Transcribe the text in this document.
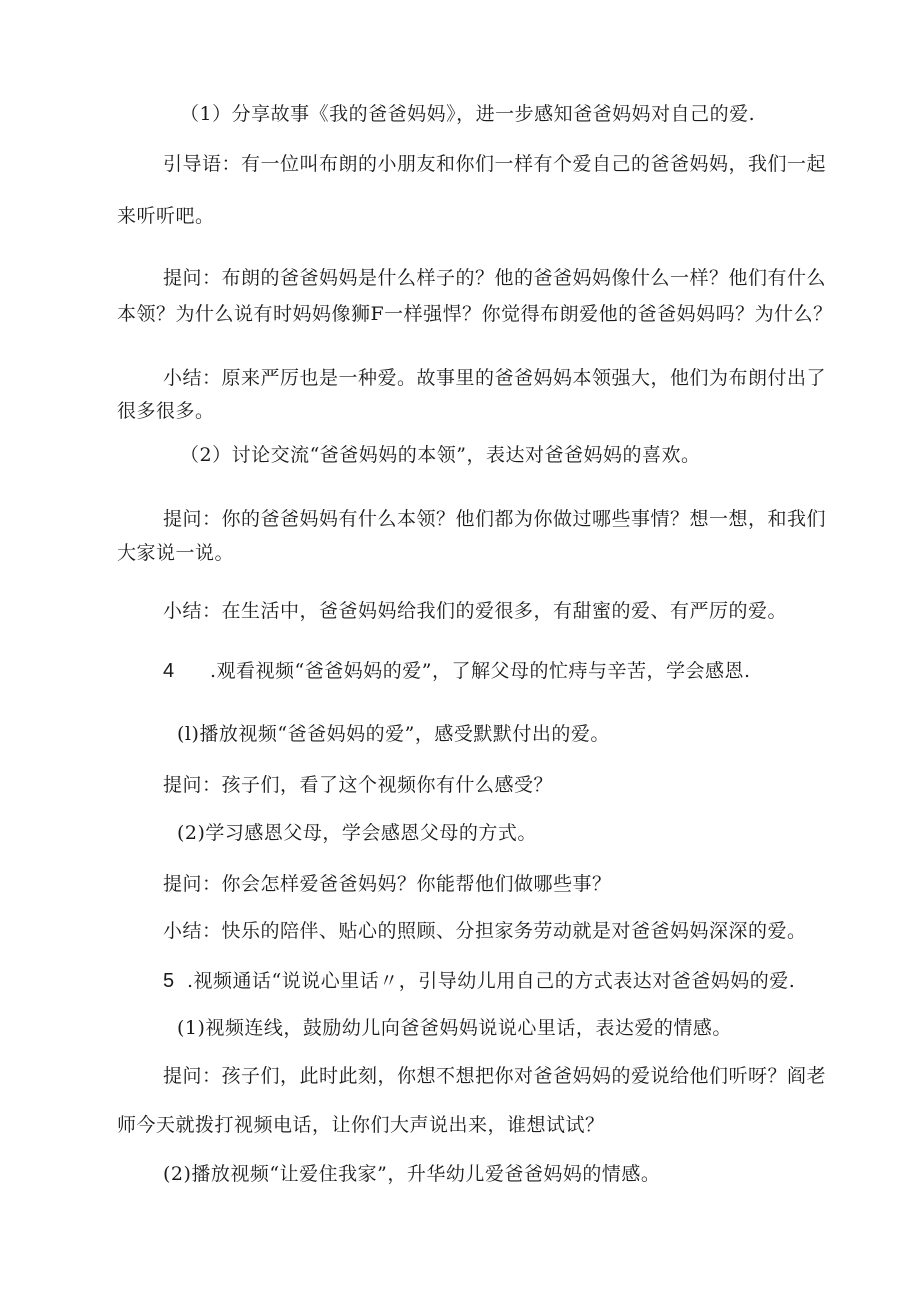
（1）分享故事《我的爸爸妈妈》，进一步感知爸爸妈妈对自己的爱.
引导语：有一位叫布朗的小朋友和你们一样有个爱自己的爸爸妈妈，我们一起
来听听吧。
提问：布朗的爸爸妈妈是什么样子的？他的爸爸妈妈像什么一样？他们有什么
本领？为什么说有时妈妈像狮F一样强悍？你觉得布朗爱他的爸爸妈妈吗？为什么？
小结：原来严厉也是一种爱。故事里的爸爸妈妈本领强大，他们为布朗付出了
很多很多。
（2）讨论交流“爸爸妈妈的本领”，表达对爸爸妈妈的喜欢。
提问：你的爸爸妈妈有什么本领？他们都为你做过哪些事情？想一想，和我们
大家说一说。
小结：在生活中，爸爸妈妈给我们的爱很多，有甜蜜的爱、有严厉的爱。
4 .观看视频“爸爸妈妈的爱”，了解父母的忙痔与辛苦，学会感恩.
(l)播放视频“爸爸妈妈的爱”，感受默默付出的爱。
提问：孩子们，看了这个视频你有什么感受？
(2)学习感恩父母，学会感恩父母的方式。
提问：你会怎样爱爸爸妈妈？你能帮他们做哪些事？
小结：快乐的陪伴、贴心的照顾、分担家务劳动就是对爸爸妈妈深深的爱。
5 .视频通话“说说心里话〃，引导幼儿用自己的方式表达对爸爸妈妈的爱.
(1)视频连线，鼓励幼儿向爸爸妈妈说说心里话，表达爱的情感。
提问：孩子们，此时此刻，你想不想把你对爸爸妈妈的爱说给他们听呀？阎老
师今天就拨打视频电话，让你们大声说出来，谁想试试？
(2)播放视频“让爱住我家”，升华幼儿爱爸爸妈妈的情感。
